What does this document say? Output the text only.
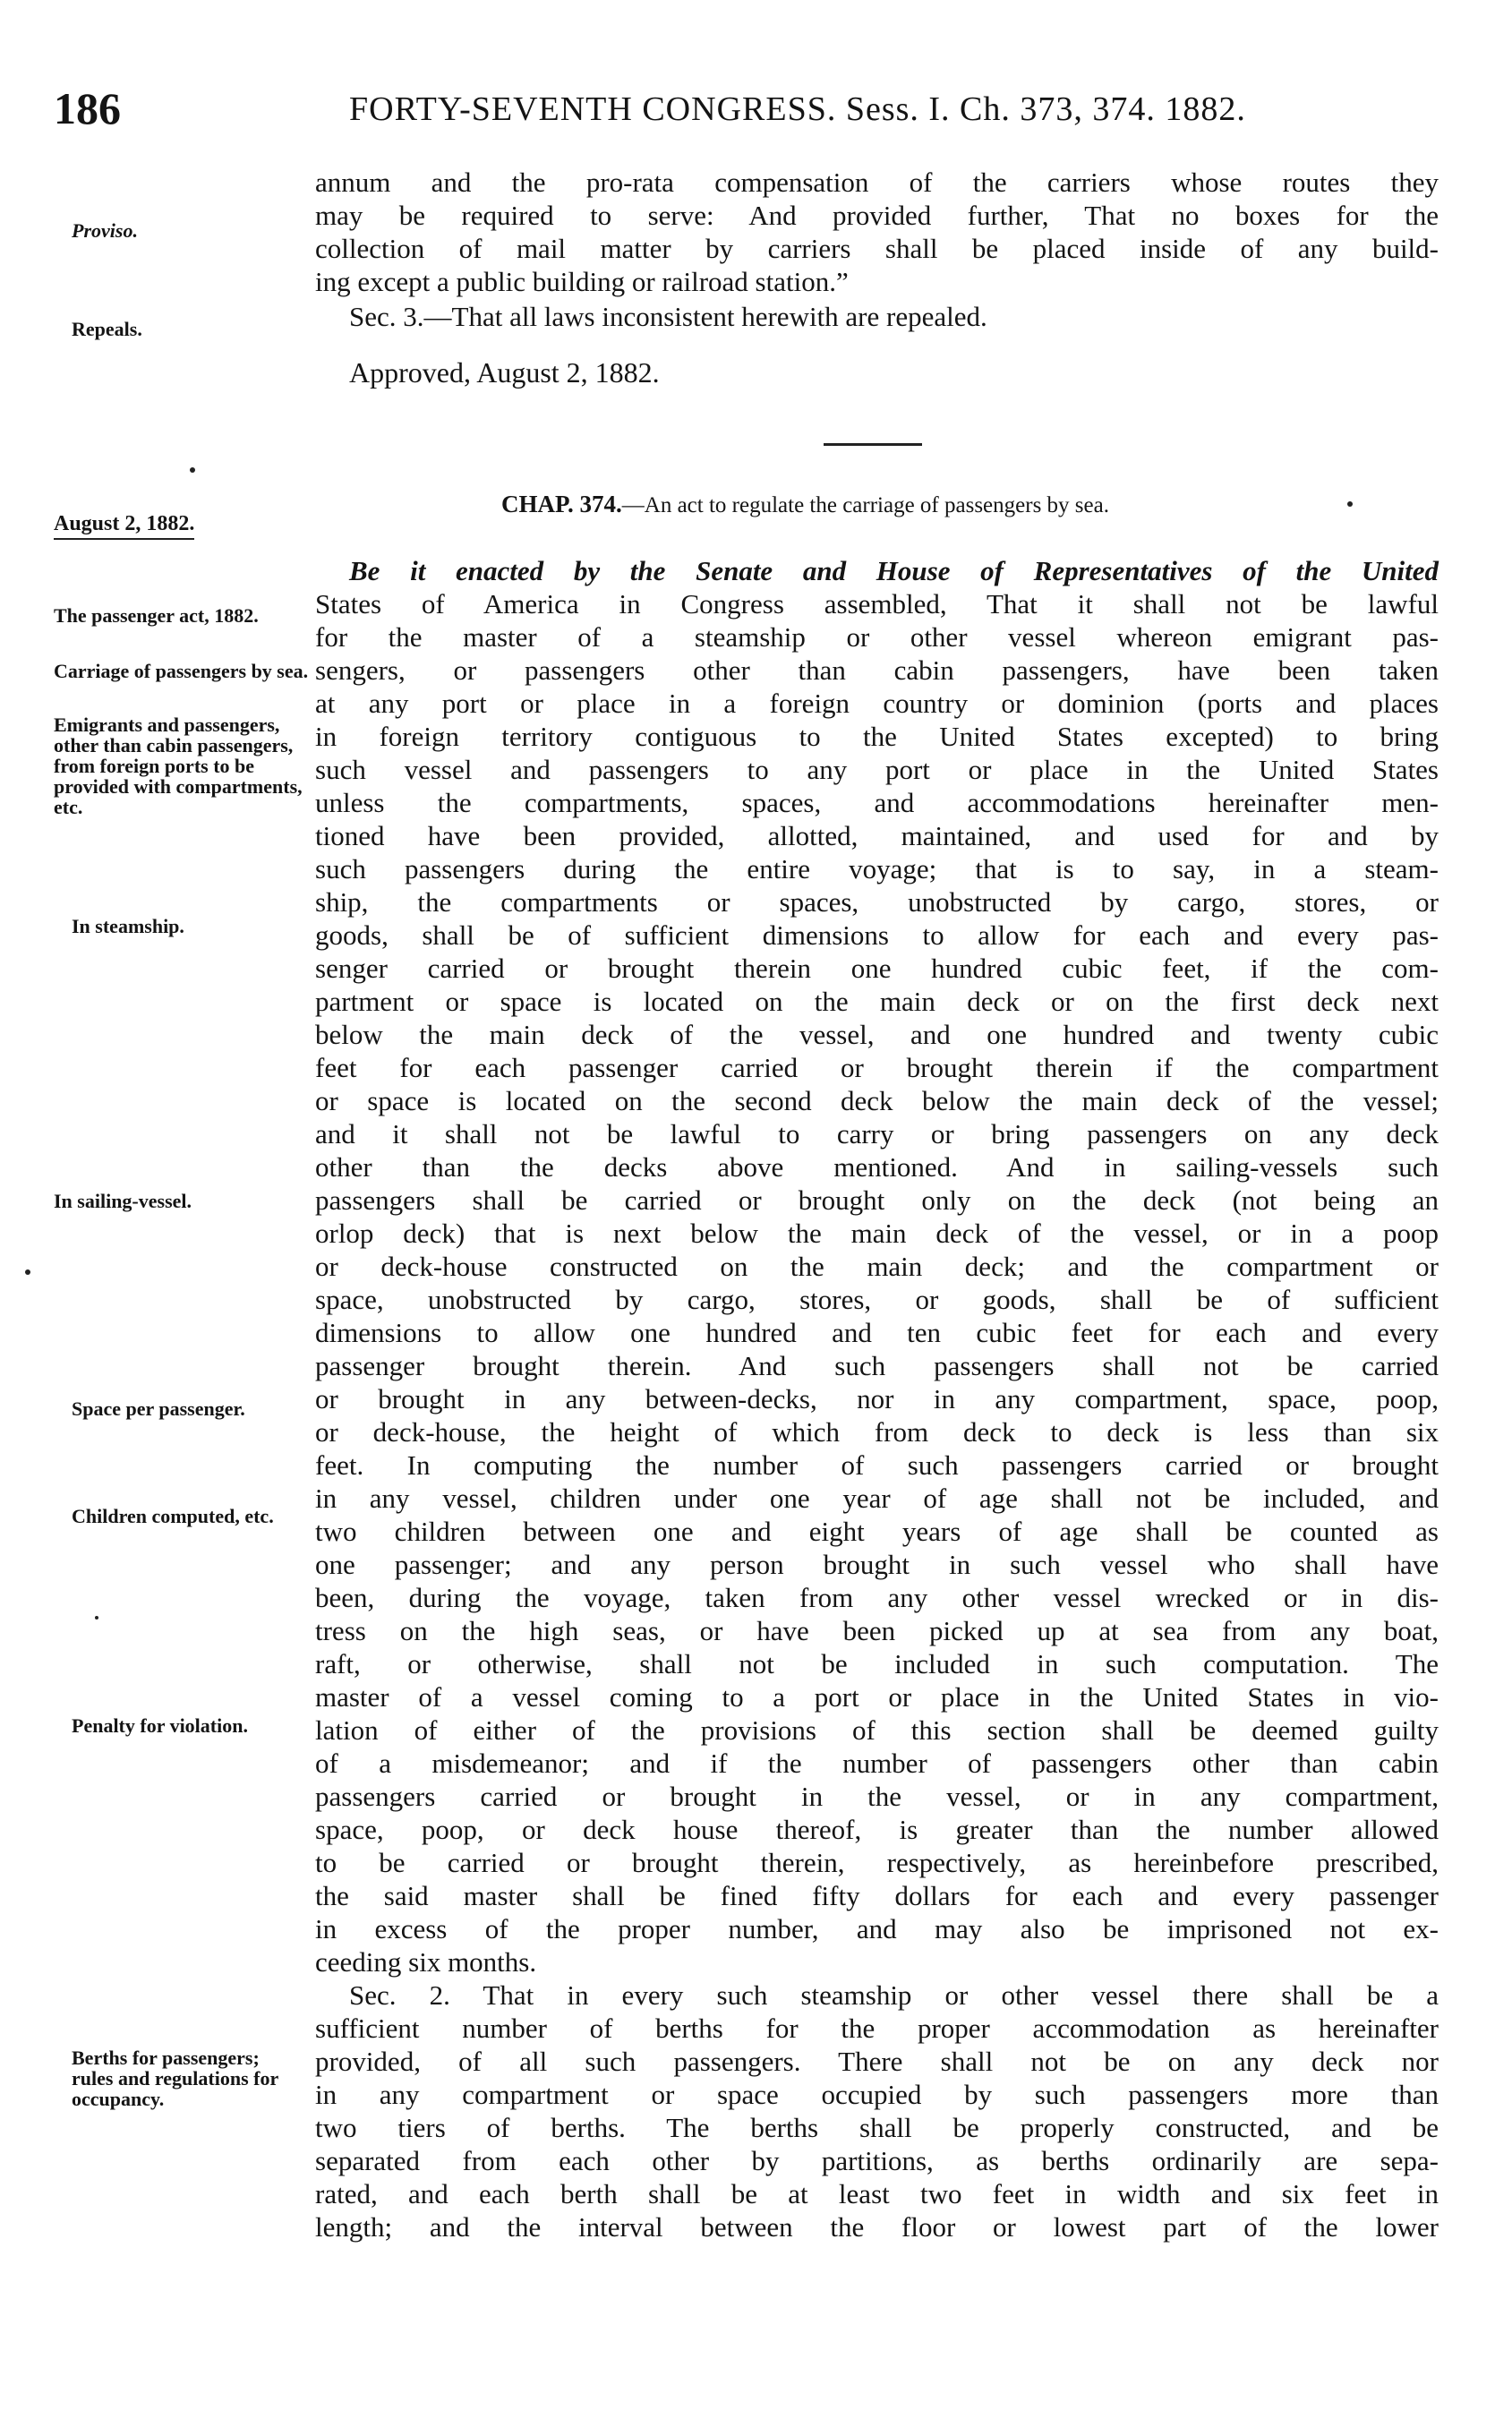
186	FORTY-SEVENTH CONGRESS. Sess. I. Ch. 373, 374. 1882.
Proviso.
Repeals.
The passenger act, 1882.
Carriage of passengers by sea.
Emigrants and passengers, other than cabin passengers, from foreign ports to be provided with compartments, etc.
In steamship.
In sailing-vessel.
Space per passenger.
Children computed, etc.
Penalty for violation.
Berths for passengers; rules and regulations for occupancy.
annum and the pro-rata compensation of the carriers whose routes they
may be required to serve: And provided further, That no boxes for the
collection of mail matter by carriers shall be placed inside of any build-
ing except a public building or railroad station.”
Sec. 3.—That all laws inconsistent herewith are repealed.
Approved, August 2, 1882.
August 2, 1882.
CHAP. 374.—An act to regulate the carriage of passengers by sea.
Be it enacted by the Senate and House of Representatives of the United
States of America in Congress assembled, That it shall not be lawful
for the master of a steamship or other vessel whereon emigrant pas-
sengers, or passengers other than cabin passengers, have been taken
at any port or place in a foreign country or dominion (ports and places
in foreign territory contiguous to the United States excepted) to bring
such vessel and passengers to any port or place in the United States
unless the compartments, spaces, and accommodations hereinafter men-
tioned have been provided, allotted, maintained, and used for and by
such passengers during the entire voyage; that is to say, in a steam-
ship, the compartments or spaces, unobstructed by cargo, stores, or
goods, shall be of sufficient dimensions to allow for each and every pas-
senger carried or brought therein one hundred cubic feet, if the com-
partment or space is located on the main deck or on the first deck next
below the main deck of the vessel, and one hundred and twenty cubic
feet for each passenger carried or brought therein if the compartment
or space is located on the second deck below the main deck of the vessel;
and it shall not be lawful to carry or bring passengers on any deck
other than the decks above mentioned. And in sailing-vessels such
passengers shall be carried or brought only on the deck (not being an
orlop deck) that is next below the main deck of the vessel, or in a poop
or deck-house constructed on the main deck; and the compartment or
space, unobstructed by cargo, stores, or goods, shall be of sufficient
dimensions to allow one hundred and ten cubic feet for each and every
passenger brought therein. And such passengers shall not be carried
or brought in any between-decks, nor in any compartment, space, poop,
or deck-house, the height of which from deck to deck is less than six
feet. In computing the number of such passengers carried or brought
in any vessel, children under one year of age shall not be included, and
two children between one and eight years of age shall be counted as
one passenger; and any person brought in such vessel who shall have
been, during the voyage, taken from any other vessel wrecked or in dis-
tress on the high seas, or have been picked up at sea from any boat,
raft, or otherwise, shall not be included in such computation. The
master of a vessel coming to a port or place in the United States in vio-
lation of either of the provisions of this section shall be deemed guilty
of a misdemeanor; and if the number of passengers other than cabin
passengers carried or brought in the vessel, or in any compartment,
space, poop, or deck house thereof, is greater than the number allowed
to be carried or brought therein, respectively, as hereinbefore prescribed,
the said master shall be fined fifty dollars for each and every passenger
in excess of the proper number, and may also be imprisoned not ex-
ceeding six months.
Sec. 2. That in every such steamship or other vessel there shall be a
sufficient number of berths for the proper accommodation as hereinafter
provided, of all such passengers. There shall not be on any deck nor
in any compartment or space occupied by such passengers more than
two tiers of berths. The berths shall be properly constructed, and be
separated from each other by partitions, as berths ordinarily are sepa-
rated, and each berth shall be at least two feet in width and six feet in
length; and the interval between the floor or lowest part of the lower
